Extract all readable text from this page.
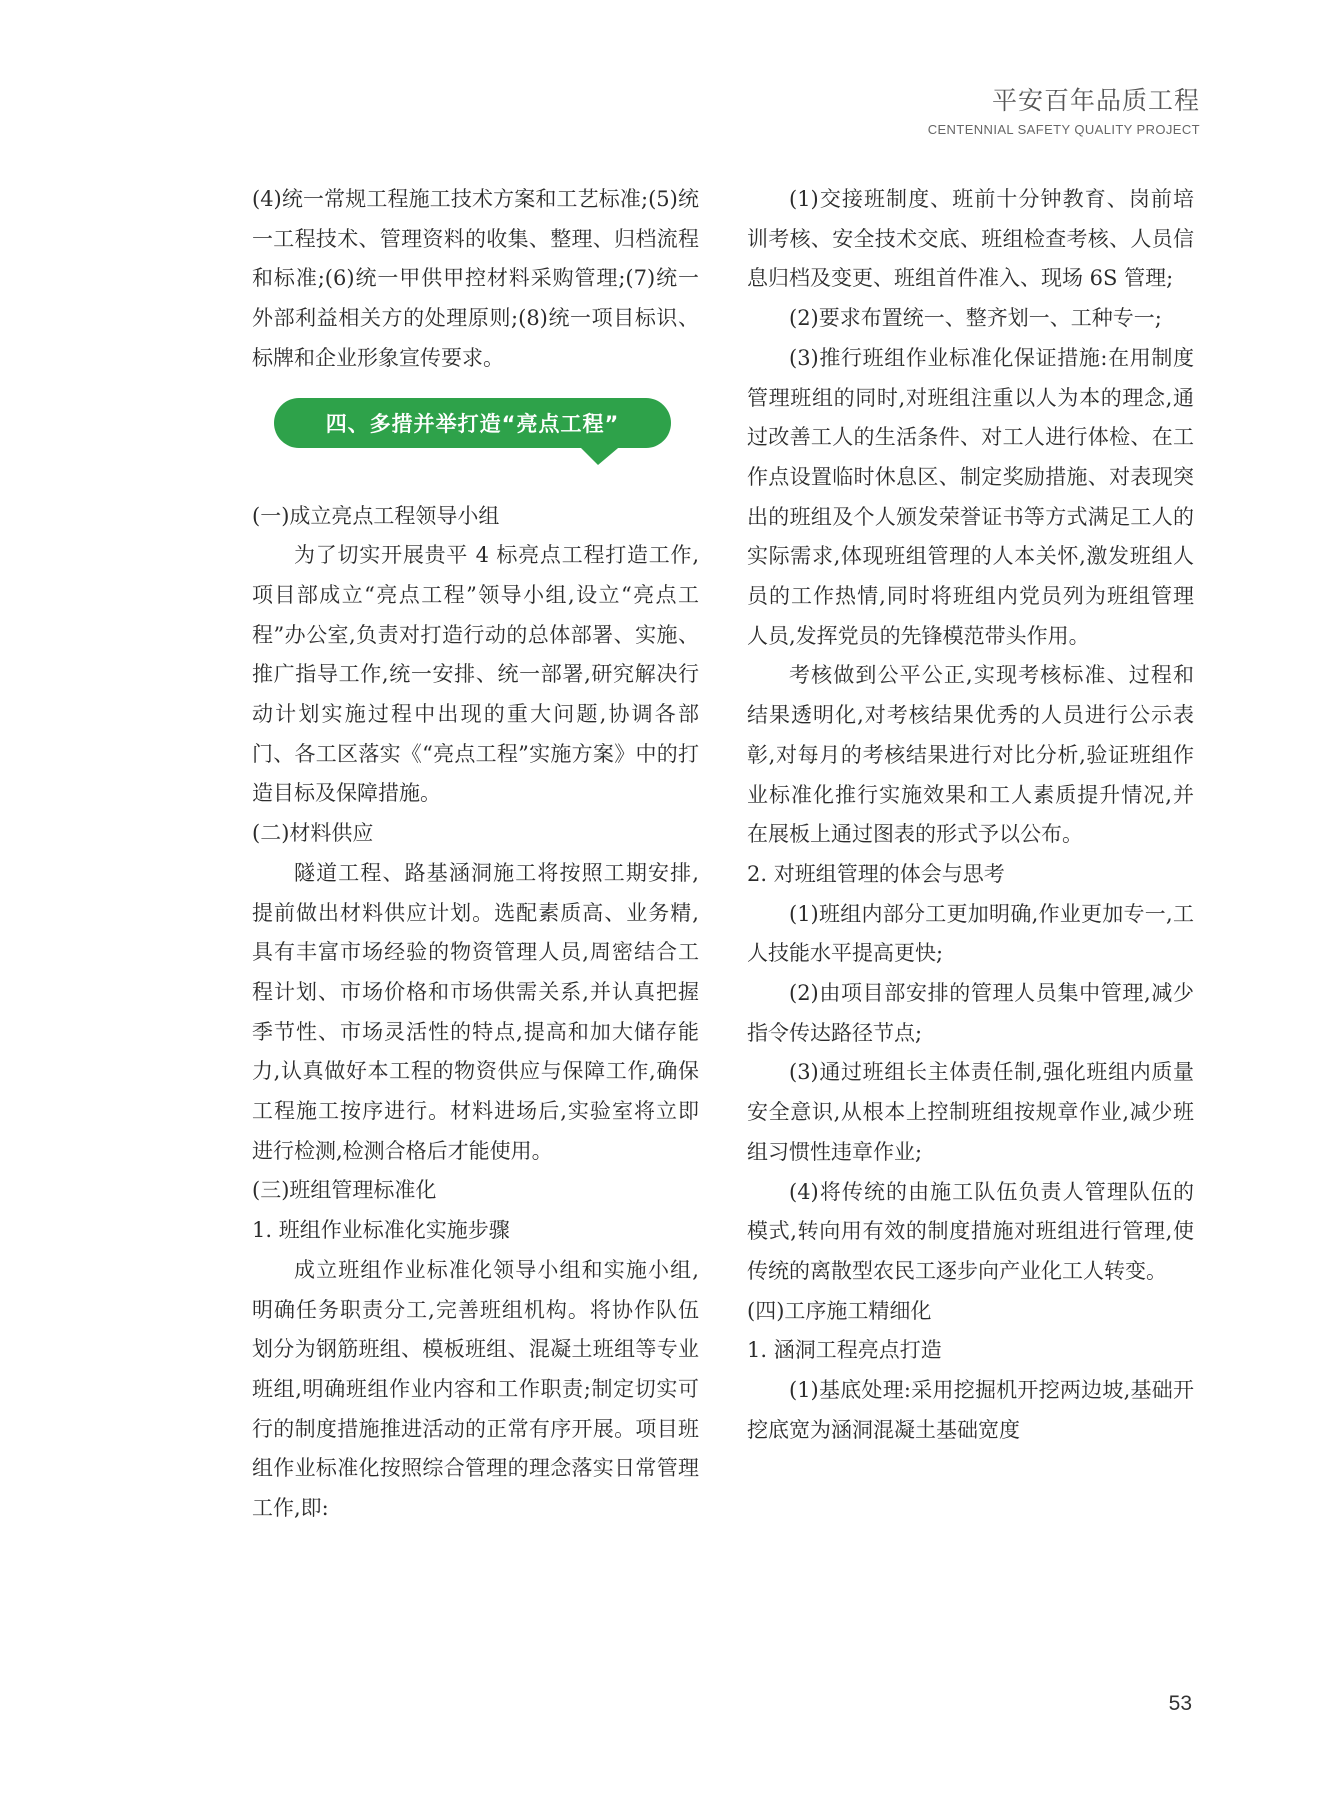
平安百年品质工程
CENTENNIAL SAFETY QUALITY PROJECT

(4)统一常规工程施工技术方案和工艺标准;(5)统一工程技术、管理资料的收集、整理、归档流程和标准;(6)统一甲供甲控材料采购管理;(7)统一外部利益相关方的处理原则;(8)统一项目标识、标牌和企业形象宣传要求。

四、多措并举打造“亮点工程”

(一)成立亮点工程领导小组

为了切实开展贵平 4 标亮点工程打造工作,项目部成立“亮点工程”领导小组,设立“亮点工程”办公室,负责对打造行动的总体部署、实施、推广指导工作,统一安排、统一部署,研究解决行动计划实施过程中出现的重大问题,协调各部门、各工区落实《“亮点工程”实施方案》中的打造目标及保障措施。

(二)材料供应

隧道工程、路基涵洞施工将按照工期安排,提前做出材料供应计划。选配素质高、业务精,具有丰富市场经验的物资管理人员,周密结合工程计划、市场价格和市场供需关系,并认真把握季节性、市场灵活性的特点,提高和加大储存能力,认真做好本工程的物资供应与保障工作,确保工程施工按序进行。材料进场后,实验室将立即进行检测,检测合格后才能使用。

(三)班组管理标准化

1. 班组作业标准化实施步骤

成立班组作业标准化领导小组和实施小组,明确任务职责分工,完善班组机构。将协作队伍划分为钢筋班组、模板班组、混凝土班组等专业班组,明确班组作业内容和工作职责;制定切实可行的制度措施推进活动的正常有序开展。项目班组作业标准化按照综合管理的理念落实日常管理工作,即:

(1)交接班制度、班前十分钟教育、岗前培训考核、安全技术交底、班组检查考核、人员信息归档及变更、班组首件准入、现场 6S 管理;

(2)要求布置统一、整齐划一、工种专一;

(3)推行班组作业标准化保证措施:在用制度管理班组的同时,对班组注重以人为本的理念,通过改善工人的生活条件、对工人进行体检、在工作点设置临时休息区、制定奖励措施、对表现突出的班组及个人颁发荣誉证书等方式满足工人的实际需求,体现班组管理的人本关怀,激发班组人员的工作热情,同时将班组内党员列为班组管理人员,发挥党员的先锋模范带头作用。

考核做到公平公正,实现考核标准、过程和结果透明化,对考核结果优秀的人员进行公示表彰,对每月的考核结果进行对比分析,验证班组作业标准化推行实施效果和工人素质提升情况,并在展板上通过图表的形式予以公布。

2. 对班组管理的体会与思考

(1)班组内部分工更加明确,作业更加专一,工人技能水平提高更快;

(2)由项目部安排的管理人员集中管理,减少指令传达路径节点;

(3)通过班组长主体责任制,强化班组内质量安全意识,从根本上控制班组按规章作业,减少班组习惯性违章作业;

(4)将传统的由施工队伍负责人管理队伍的模式,转向用有效的制度措施对班组进行管理,使传统的离散型农民工逐步向产业化工人转变。

(四)工序施工精细化

1. 涵洞工程亮点打造

(1)基底处理:采用挖掘机开挖两边坡,基础开挖底宽为涵洞混凝土基础宽度

53
